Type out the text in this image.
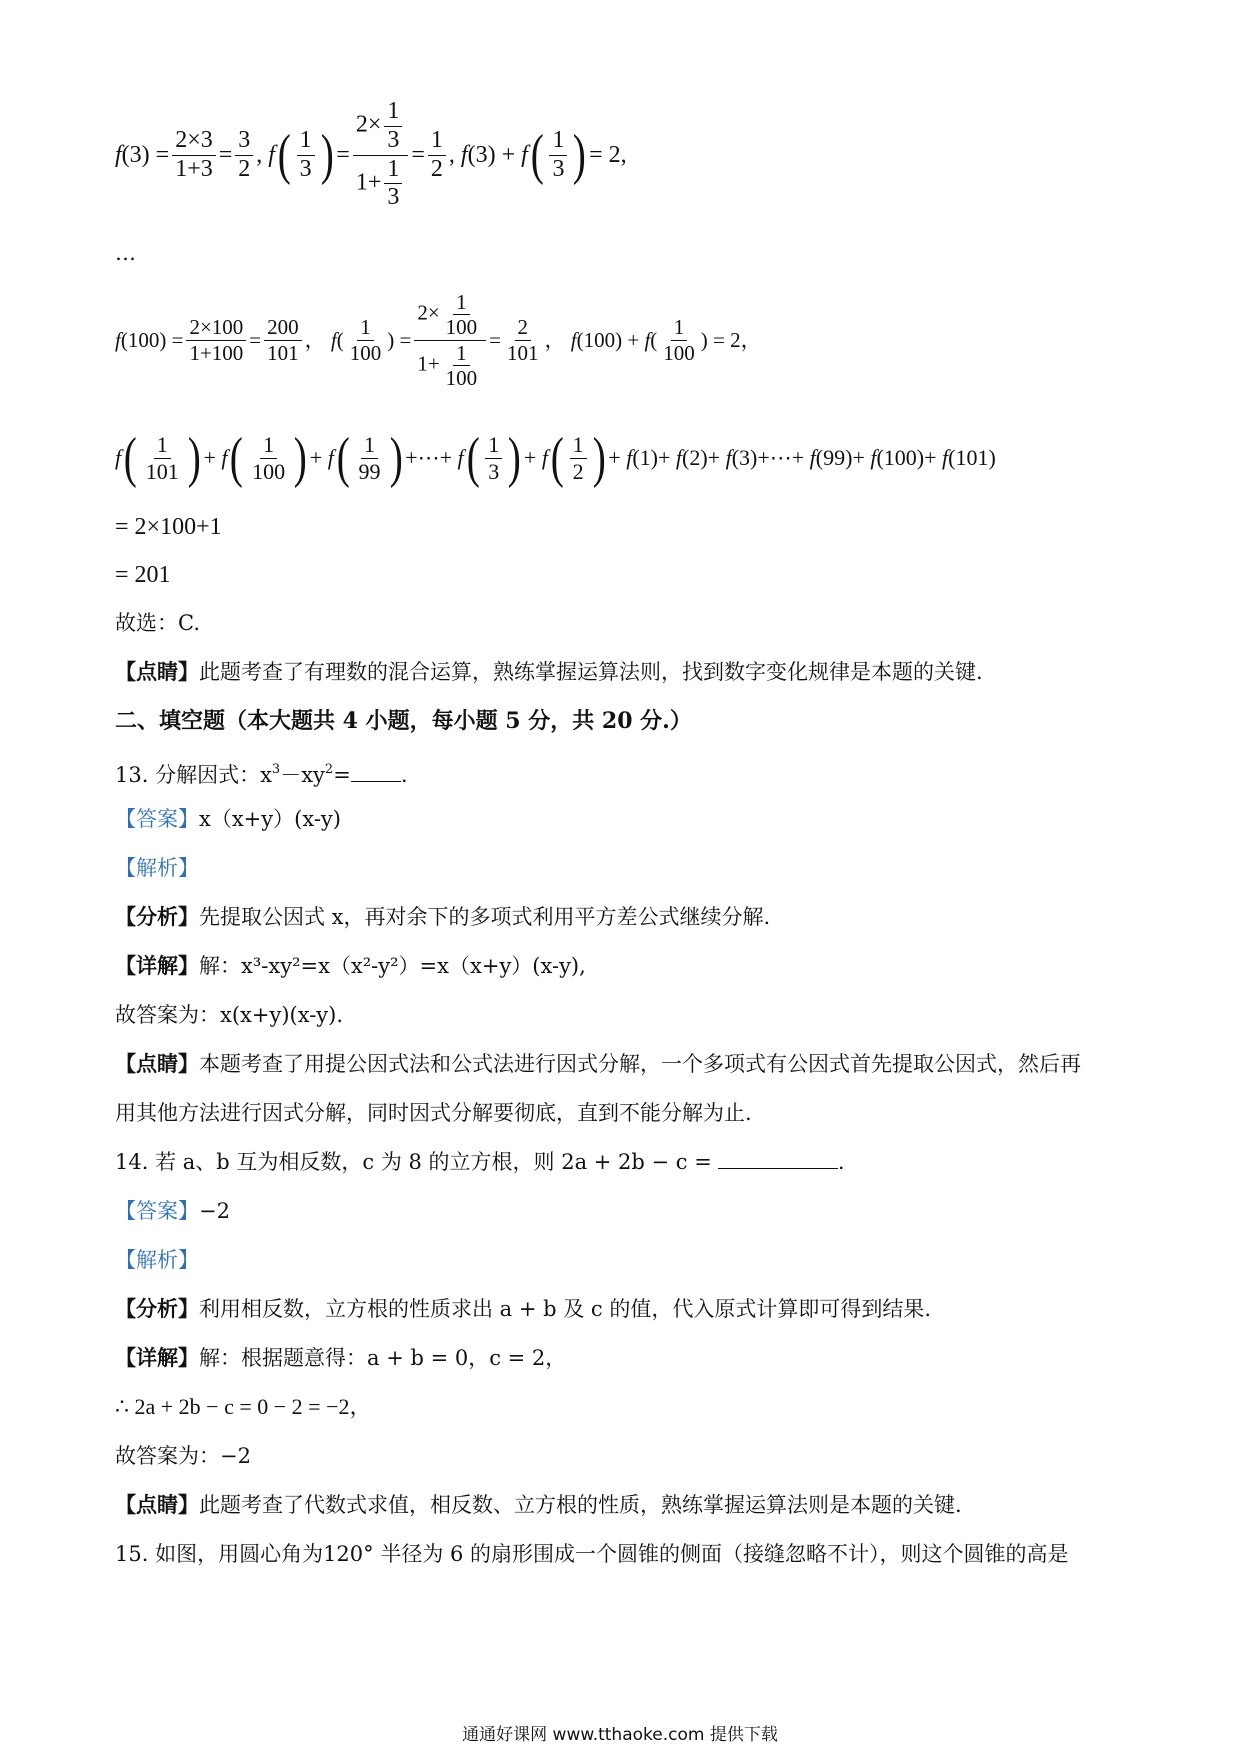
f $(3) = \frac{2\times 3}{1+3} = \frac{3}{2}$ , f ( $\frac{1}{3}$ ) = $\frac{2\times \frac{1}{3}}{1+ \frac{1}{3}} = \frac{1}{2}$ , f (3) + f ( $\frac{1}{3}$ ) = 2,
…
f $(100) = \frac{2\times 100}{1+100} = \frac{200}{101}$ ， f ( $\frac{1}{100}$ ) = $\frac{2\times \frac{1}{100}}{1+ \frac{1}{100}} = \frac{2}{101}$ ， f (100) + f ( $\frac{1}{100}$ ) = 2，
f ( $\frac{1}{101}$ ) + f ( $\frac{1}{100}$ ) + f ( $\frac{1}{99}$ ) +⋯+ f ( $\frac{1}{3}$ ) + f ( $\frac{1}{2}$ ) + f (1)+ f (2)+ f (3)+⋯+ f (99)+ f (100)+ f (101)
= 2×100+1
= 201
故选：C.
【点睛】此题考查了有理数的混合运算，熟练掌握运算法则，找到数字变化规律是本题的关键.
二、填空题（本大题共 4 小题，每小题 5 分，共 20 分.）
13. 分解因式：$x^3-xy^2=$ .
【答案】x（x+y）(x-y)
【解析】
【分析】先提取公因式 x，再对余下的多项式利用平方差公式继续分解.
【详解】解：x³-xy²=x（x²-y²）=x（x+y）(x-y),
故答案为：x(x+y)(x-y).
【点睛】本题考查了用提公因式法和公式法进行因式分解，一个多项式有公因式首先提取公因式，然后再
用其他方法进行因式分解，同时因式分解要彻底，直到不能分解为止.
14. 若 a、b 互为相反数，c 为 8 的立方根，则 2a + 2b − c =	.
【答案】−2
【解析】
【分析】利用相反数，立方根的性质求出 a + b 及 c 的值，代入原式计算即可得到结果.
【详解】解：根据题意得：a + b = 0，c = 2，
∴ 2a + 2b − c = 0 − 2 = −2，
故答案为：−2
【点睛】此题考查了代数式求值，相反数、立方根的性质，熟练掌握运算法则是本题的关键.
15. 如图，用圆心角为120° 半径为 6 的扇形围成一个圆锥的侧面（接缝忽略不计），则这个圆锥的高是
通通好课网 www.tthaoke.com 提供下载
